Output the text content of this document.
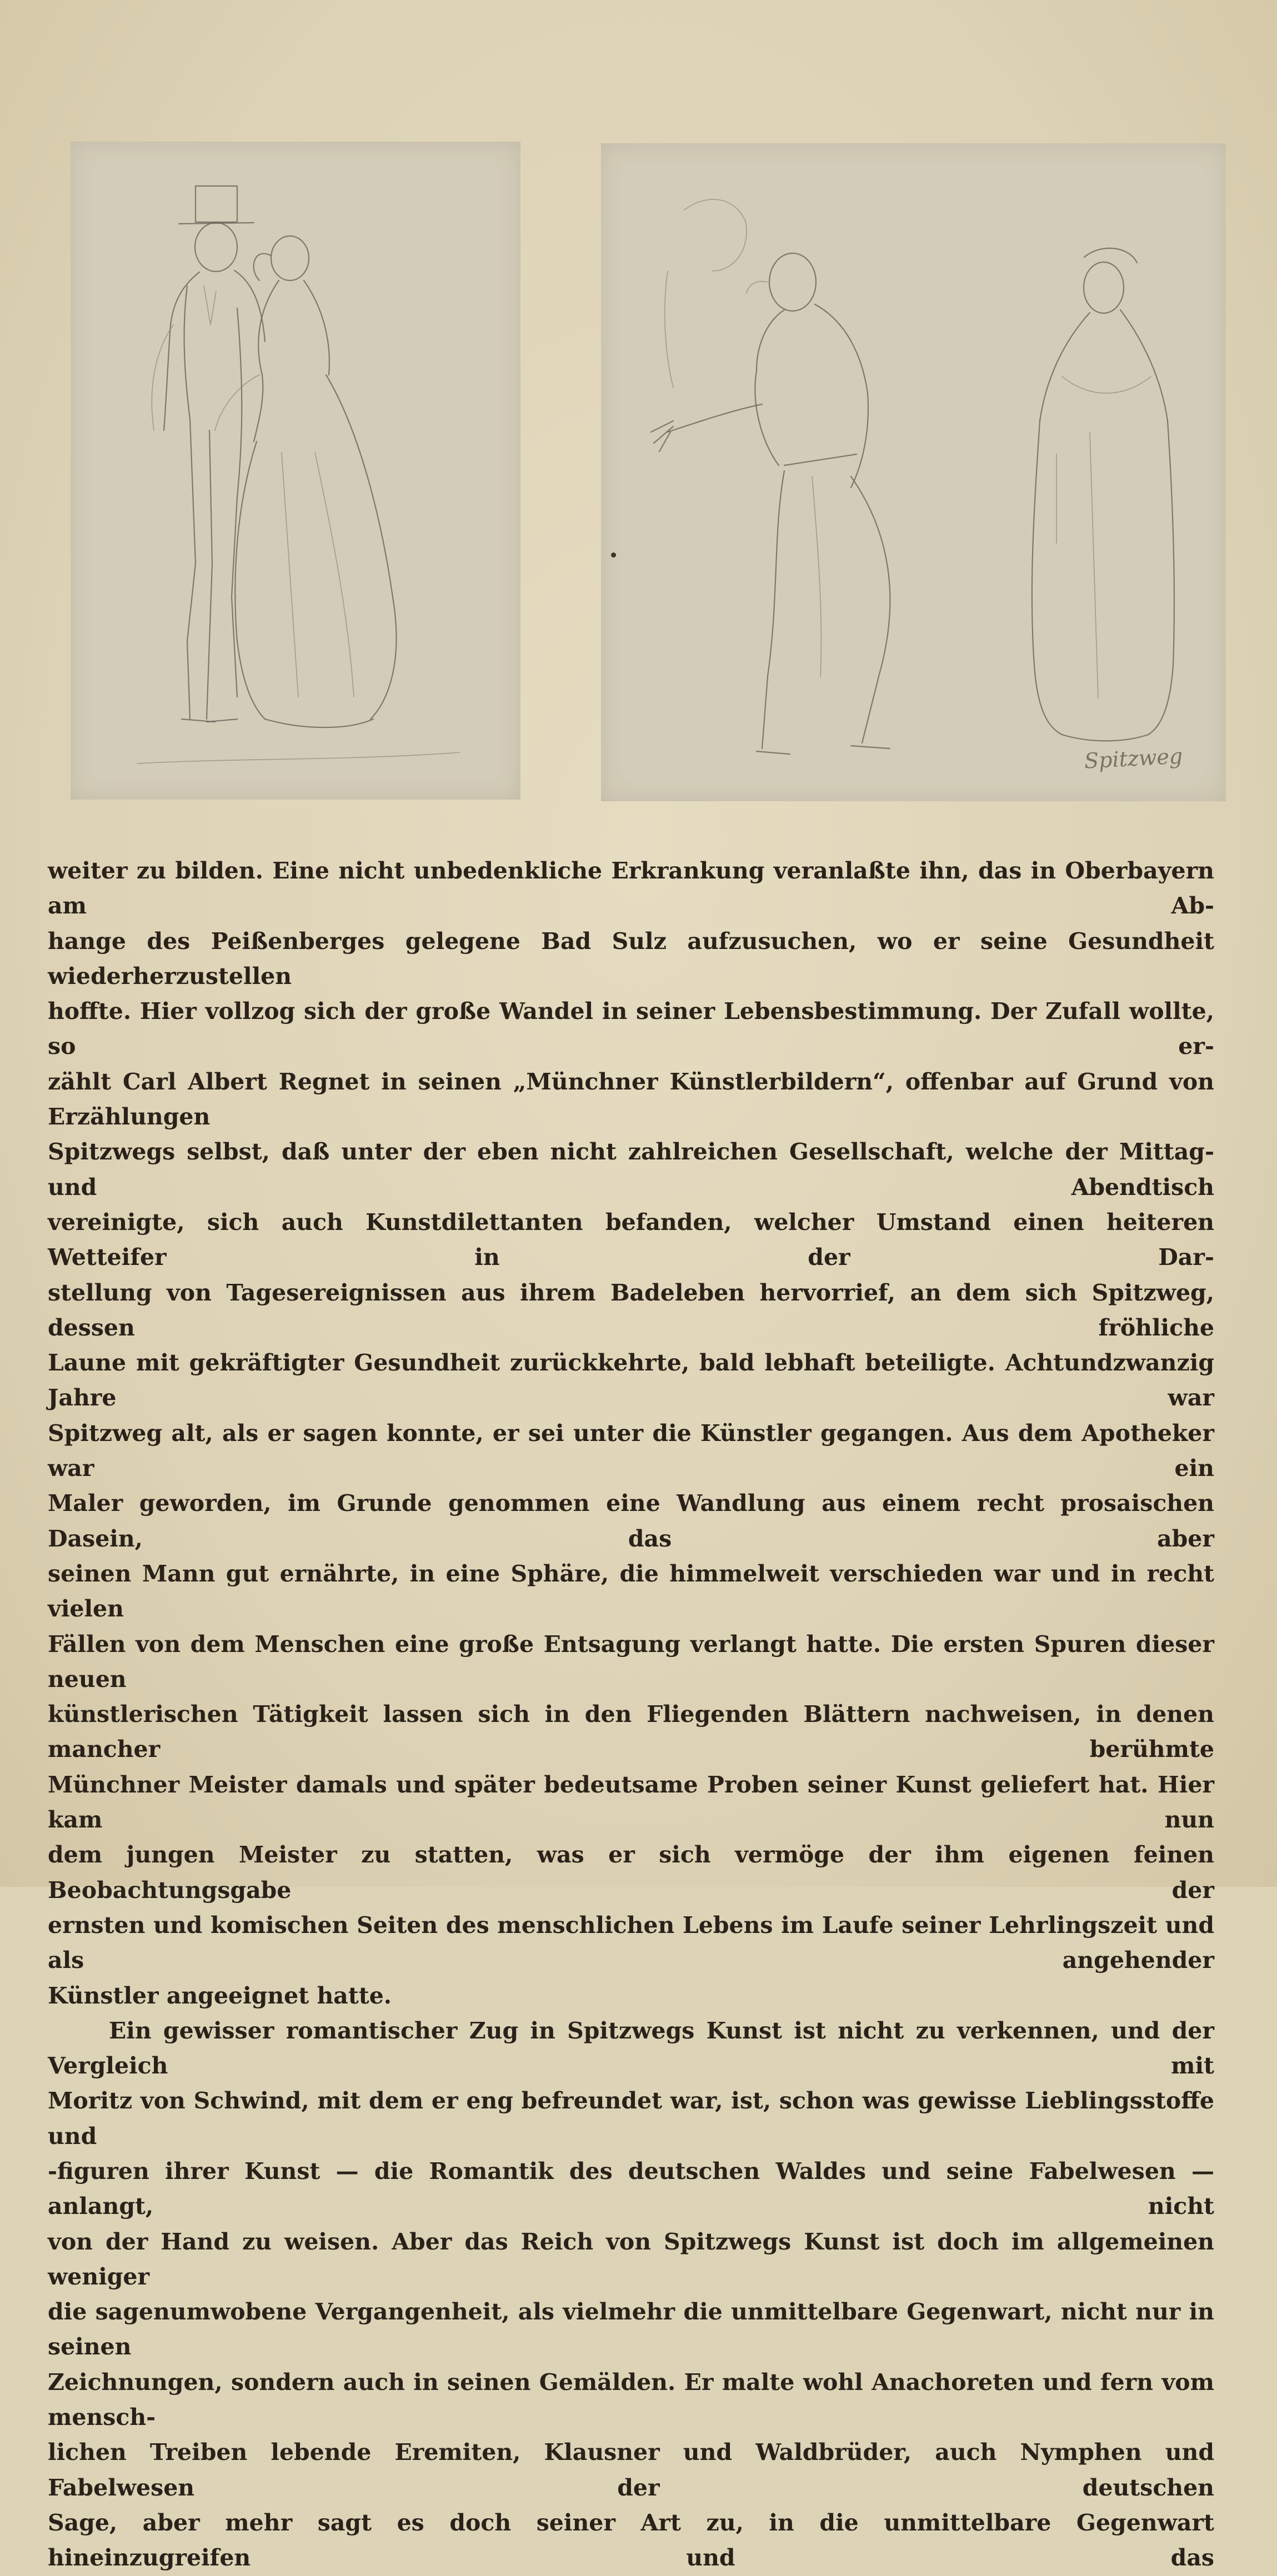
Spitzweg

weiter zu bilden. Eine nicht unbedenkliche Erkrankung veranlaßte ihn, das in Oberbayern am Ab-

hange des Peißenberges gelegene Bad Sulz aufzusuchen, wo er seine Gesundheit wiederherzustellen

hoffte. Hier vollzog sich der große Wandel in seiner Lebensbestimmung. Der Zufall wollte, so er-

zählt Carl Albert Regnet in seinen „Münchner Künstlerbildern“, offenbar auf Grund von Erzählungen

Spitzwegs selbst, daß unter der eben nicht zahlreichen Gesellschaft, welche der Mittag- und Abendtisch

vereinigte, sich auch Kunstdilettanten befanden, welcher Umstand einen heiteren Wetteifer in der Dar-

stellung von Tagesereignissen aus ihrem Badeleben hervorrief, an dem sich Spitzweg, dessen fröhliche

Laune mit gekräftigter Gesundheit zurückkehrte, bald lebhaft beteiligte. Achtundzwanzig Jahre war

Spitzweg alt, als er sagen konnte, er sei unter die Künstler gegangen. Aus dem Apotheker war ein

Maler geworden, im Grunde genommen eine Wandlung aus einem recht prosaischen Dasein, das aber

seinen Mann gut ernährte, in eine Sphäre, die himmelweit verschieden war und in recht vielen

Fällen von dem Menschen eine große Entsagung verlangt hatte. Die ersten Spuren dieser neuen

künstlerischen Tätigkeit lassen sich in den Fliegenden Blättern nachweisen, in denen mancher berühmte

Münchner Meister damals und später bedeutsame Proben seiner Kunst geliefert hat. Hier kam nun

dem jungen Meister zu statten, was er sich vermöge der ihm eigenen feinen Beobachtungsgabe der

ernsten und komischen Seiten des menschlichen Lebens im Laufe seiner Lehrlingszeit und als angehender

Künstler angeeignet hatte.

Ein gewisser romantischer Zug in Spitzwegs Kunst ist nicht zu verkennen, und der Vergleich mit

Moritz von Schwind, mit dem er eng befreundet war, ist, schon was gewisse Lieblingsstoffe und

-figuren ihrer Kunst — die Romantik des deutschen Waldes und seine Fabelwesen — anlangt, nicht

von der Hand zu weisen. Aber das Reich von Spitzwegs Kunst ist doch im allgemeinen weniger

die sagenumwobene Vergangenheit, als vielmehr die unmittelbare Gegenwart, nicht nur in seinen

Zeichnungen, sondern auch in seinen Gemälden. Er malte wohl Anachoreten und fern vom mensch-

lichen Treiben lebende Eremiten, Klausner und Waldbrüder, auch Nymphen und Fabelwesen der deutschen

Sage, aber mehr sagt es doch seiner Art zu, in die unmittelbare Gegenwart hineinzugreifen und das
